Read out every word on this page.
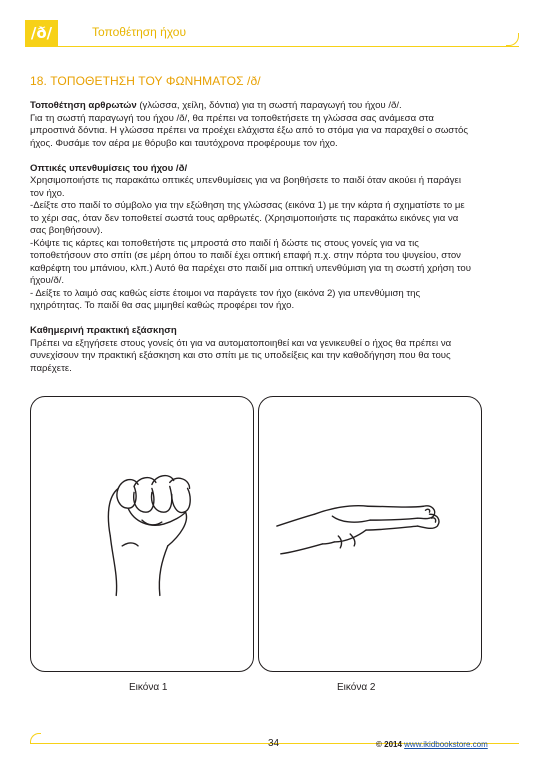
/ð/	Τοποθέτηση ήχου
18. ΤΟΠΟΘΕΤΗΣΗ ΤΟΥ ΦΩΝΗΜΑΤΟΣ /ð/
Τοποθέτηση αρθρωτών (γλώσσα, χείλη, δόντια) για τη σωστή παραγωγή του ήχου /ð/.
Για τη σωστή παραγωγή του ήχου /ð/, θα πρέπει να τοποθετήσετε τη γλώσσα σας ανάμεσα στα
μπροστινά δόντια. Η γλώσσα πρέπει να προέχει ελάχιστα έξω από το στόμα για να παραχθεί ο σωστός
ήχος. Φυσάμε τον αέρα με θόρυβο και ταυτόχρονα προφέρουμε τον ήχο.
Οπτικές υπενθυμίσεις του ήχου /ð/
Χρησιμοποιήστε τις παρακάτω οπτικές υπενθυμίσεις για να βοηθήσετε το παιδί όταν ακούει ή παράγει
τον ήχο.
-Δείξτε στο παιδί το σύμβολο για την εξώθηση της γλώσσας (εικόνα 1) με την κάρτα ή σχηματίστε το με
το χέρι σας, όταν δεν τοποθετεί σωστά τους αρθρωτές. (Χρησιμοποιήστε τις παρακάτω εικόνες για να
σας βοηθήσουν).
-Κόψτε τις κάρτες και τοποθετήστε τις μπροστά στο παιδί ή δώστε τις στους γονείς για να τις
τοποθετήσουν στο σπίτι (σε μέρη όπου το παιδί έχει οπτική επαφή π.χ. στην πόρτα του ψυγείου, στον
καθρέφτη του μπάνιου, κλπ.) Αυτό θα παρέχει στο παιδί μια οπτική υπενθύμιση για τη σωστή χρήση του
ήχου/ð/.
- Δείξτε το λαιμό σας καθώς είστε έτοιμοι να παράγετε τον ήχο (εικόνα 2) για υπενθύμιση της
ηχηρότητας. Το παιδί θα σας μιμηθεί καθώς προφέρει τον ήχο.
Καθημερινή πρακτική εξάσκηση
Πρέπει να εξηγήσετε στους γονείς ότι για να αυτοματοποιηθεί και να γενικευθεί ο ήχος θα πρέπει να
συνεχίσουν την πρακτική εξάσκηση και στο σπίτι με τις υποδείξεις και την καθοδήγηση που θα τους
παρέχετε.
Εικόνα 1	Εικόνα 2
34	© 2014 www.ikidbookstore.com
